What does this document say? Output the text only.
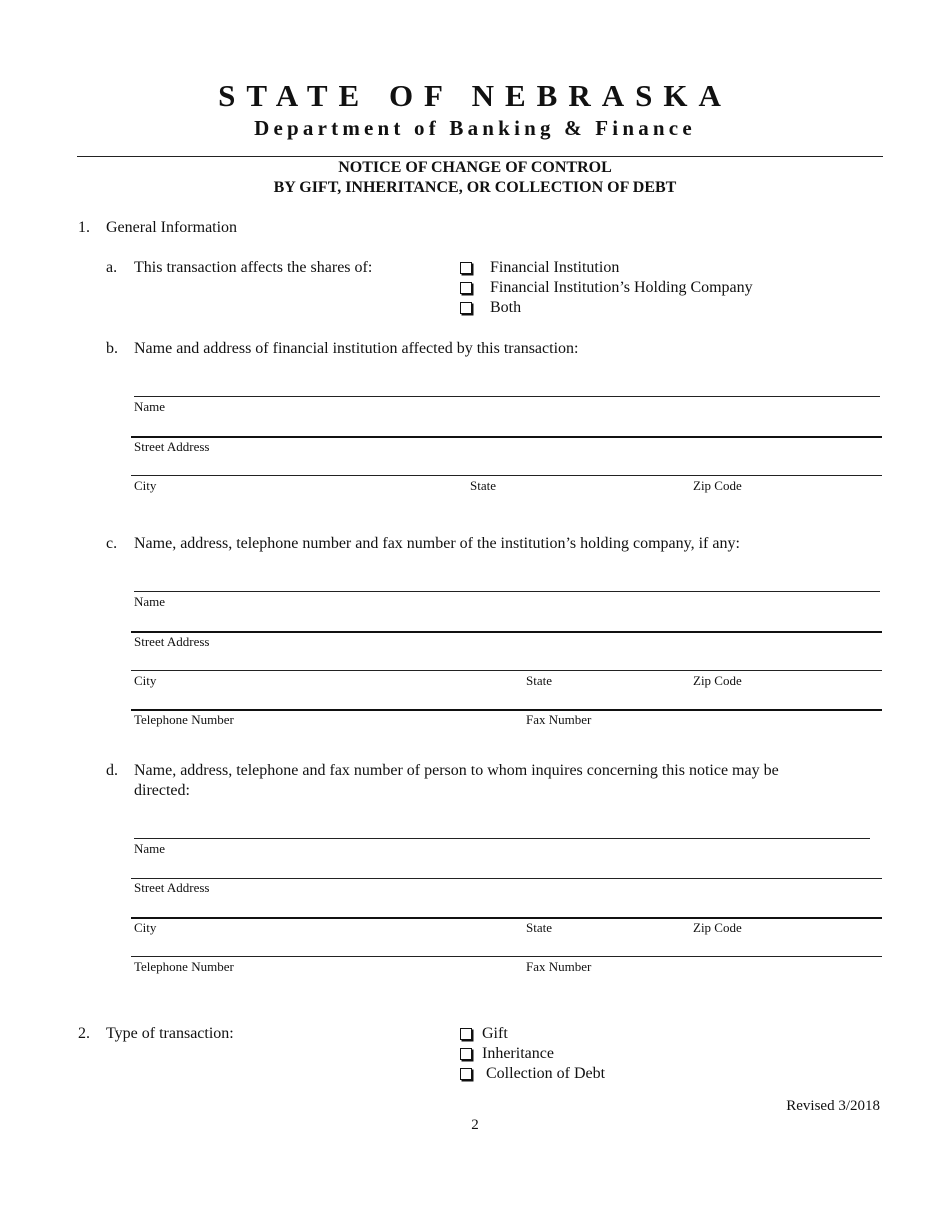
STATE OF NEBRASKA
Department of Banking & Finance
NOTICE OF CHANGE OF CONTROL
BY GIFT, INHERITANCE, OR COLLECTION OF DEBT
1. General Information
a. This transaction affects the shares of:	Financial Institution
Financial Institution’s Holding Company
Both
b. Name and address of financial institution affected by this transaction:
Name
Street Address
City	State	Zip Code
c. Name, address, telephone number and fax number of the institution’s holding company, if any:
Name
Street Address
City	State	Zip Code
Telephone Number	Fax Number
d. Name, address, telephone and fax number of person to whom inquires concerning this notice may be
directed:
Name
Street Address
City	State	Zip Code
Telephone Number	Fax Number
2. Type of transaction:	Gift
Inheritance
Collection of Debt
Revised 3/2018
2
